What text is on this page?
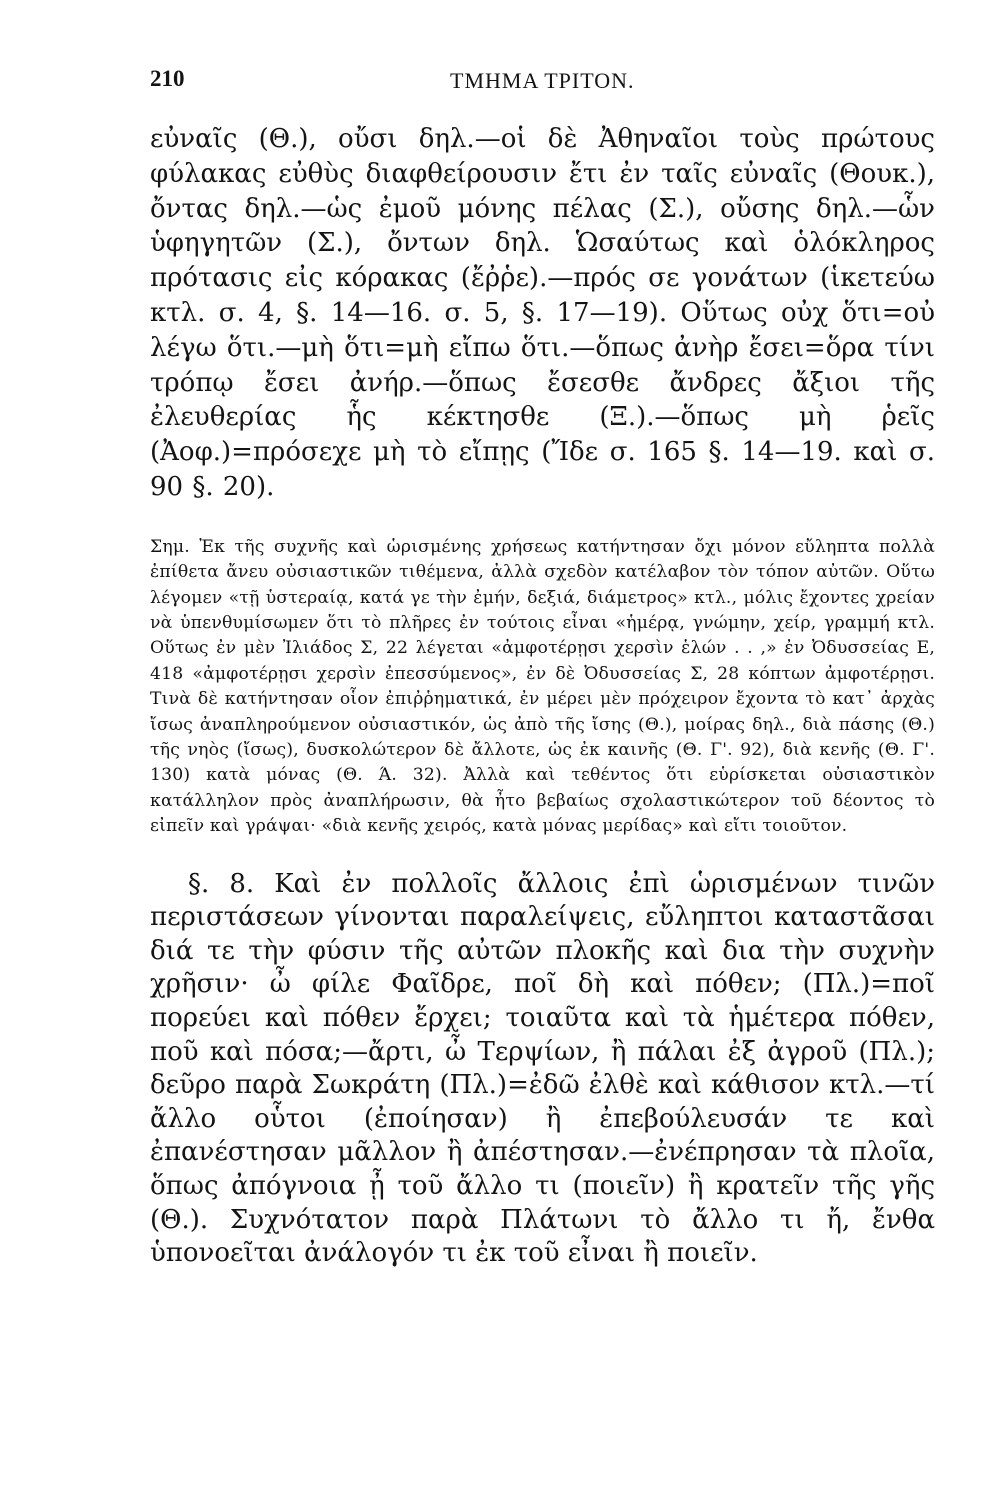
210	ΤΜΗΜΑ ΤΡΙΤΟΝ.

εὐναῖς (Θ.), οὔσι δηλ.—οἱ δὲ Ἀθηναῖοι τοὺς πρώτους φύλακας εὐθὺς διαφθείρουσιν ἔτι ἐν ταῖς εὐναῖς (Θουκ.), ὄντας δηλ.—ὡς ἐμοῦ μόνης πέλας (Σ.), οὔσης δηλ.—ὧν ὑφηγητῶν (Σ.), ὄντων δηλ. Ὡσαύτως καὶ ὁλόκληρος πρότασις εἰς κόρακας (ἔῤῥε).—πρός σε γονάτων (ἱκετεύω κτλ. σ. 4, §. 14—16. σ. 5, §. 17—19). Οὕτως οὐχ ὅτι=οὐ λέγω ὅτι.—μὴ ὅτι=μὴ εἴπω ὅτι.—ὅπως ἀνὴρ ἔσει=ὅρα τίνι τρόπῳ ἔσει ἀνήρ.—ὅπως ἔσεσθε ἄνδρες ἄξιοι τῆς ἐλευθερίας ἧς κέκτησθε (Ξ.).—ὅπως μὴ ῥεῖς (Ἀοφ.)=πρόσεχε μὴ τὸ εἴπῃς (Ἴδε σ. 165 §. 14—19. καὶ σ. 90 §. 20).

Σημ. Ἐκ τῆς συχνῆς καὶ ὡρισμένης χρήσεως κατήντησαν ὄχι μόνον εὔληπτα πολλὰ ἐπίθετα ἄνευ οὐσιαστικῶν τιθέμενα, ἀλλὰ σχεδὸν κατέλαβον τὸν τόπον αὐτῶν. Οὕτω λέγομεν «τῇ ὑστεραίᾳ, κατά γε τὴν ἐμήν, δεξιά, διάμετρος» κτλ., μόλις ἔχοντες χρείαν νὰ ὑπενθυμίσωμεν ὅτι τὸ πλῆρες ἐν τούτοις εἶναι «ἡμέρᾳ, γνώμην, χείρ, γραμμή κτλ. Οὕτως ἐν μὲν Ἰλιάδος Σ, 22 λέγεται «ἀμφοτέρῃσι χερσὶν ἑλών . . ,» ἐν Ὀδυσσείας Ε, 418 «ἀμφοτέρῃσι χερσὶν ἐπεσσύμενος», ἐν δὲ Ὀδυσσείας Σ, 28 κόπτων ἀμφοτέρῃσι. Τινὰ δὲ κατήντησαν οἷον ἐπιῤῥηματικά, ἐν μέρει μὲν πρόχειρον ἔχοντα τὸ κατ᾽ ἀρχὰς ἴσως ἀναπληρούμενον οὐσιαστικόν, ὡς ἀπὸ τῆς ἴσης (Θ.), μοίρας δηλ., διὰ πάσης (Θ.) τῆς νηὸς (ἴσως), δυσκολώτερον δὲ ἄλλοτε, ὡς ἐκ καινῆς (Θ. Γ'. 92), διὰ κενῆς (Θ. Γ'. 130) κατὰ μόνας (Θ. Ά. 32). Ἀλλὰ καὶ τεθέντος ὅτι εὑρίσκεται οὐσιαστικὸν κατάλληλον πρὸς ἀναπλήρωσιν, θὰ ἦτο βεβαίως σχολαστικώτερον τοῦ δέοντος τὸ εἰπεῖν καὶ γράψαι· «διὰ κενῆς χειρός, κατὰ μόνας μερίδας» καὶ εἴτι τοιοῦτον.

§. 8. Καὶ ἐν πολλοῖς ἄλλοις ἐπὶ ὡρισμένων τινῶν περιστάσεων γίνονται παραλείψεις, εὔληπτοι καταστᾶσαι διά τε τὴν φύσιν τῆς αὐτῶν πλοκῆς καὶ δια τὴν συχνὴν χρῆσιν· ὦ φίλε Φαῖδρε, ποῖ δὴ καὶ πόθεν; (Πλ.)=ποῖ πορεύει καὶ πόθεν ἔρχει; τοιαῦτα καὶ τὰ ἡμέτερα πόθεν, ποῦ καὶ πόσα;—ἄρτι, ὦ Τερψίων, ἢ πάλαι ἐξ ἀγροῦ (Πλ.); δεῦρο παρὰ Σωκράτη (Πλ.)=ἐδῶ ἐλθὲ καὶ κάθισον κτλ.—τί ἄλλο οὗτοι (ἐποίησαν) ἢ ἐπεβούλευσάν τε καὶ ἐπανέστησαν μᾶλλον ἢ ἀπέστησαν.—ἐνέπρησαν τὰ πλοῖα, ὅπως ἀπόγνοια ᾖ τοῦ ἄλλο τι (ποιεῖν) ἢ κρατεῖν τῆς γῆς (Θ.). Συχνότατον παρὰ Πλάτωνι τὸ ἄλλο τι ἤ, ἔνθα ὑπονοεῖται ἀνάλογόν τι ἐκ τοῦ εἶναι ἢ ποιεῖν.
